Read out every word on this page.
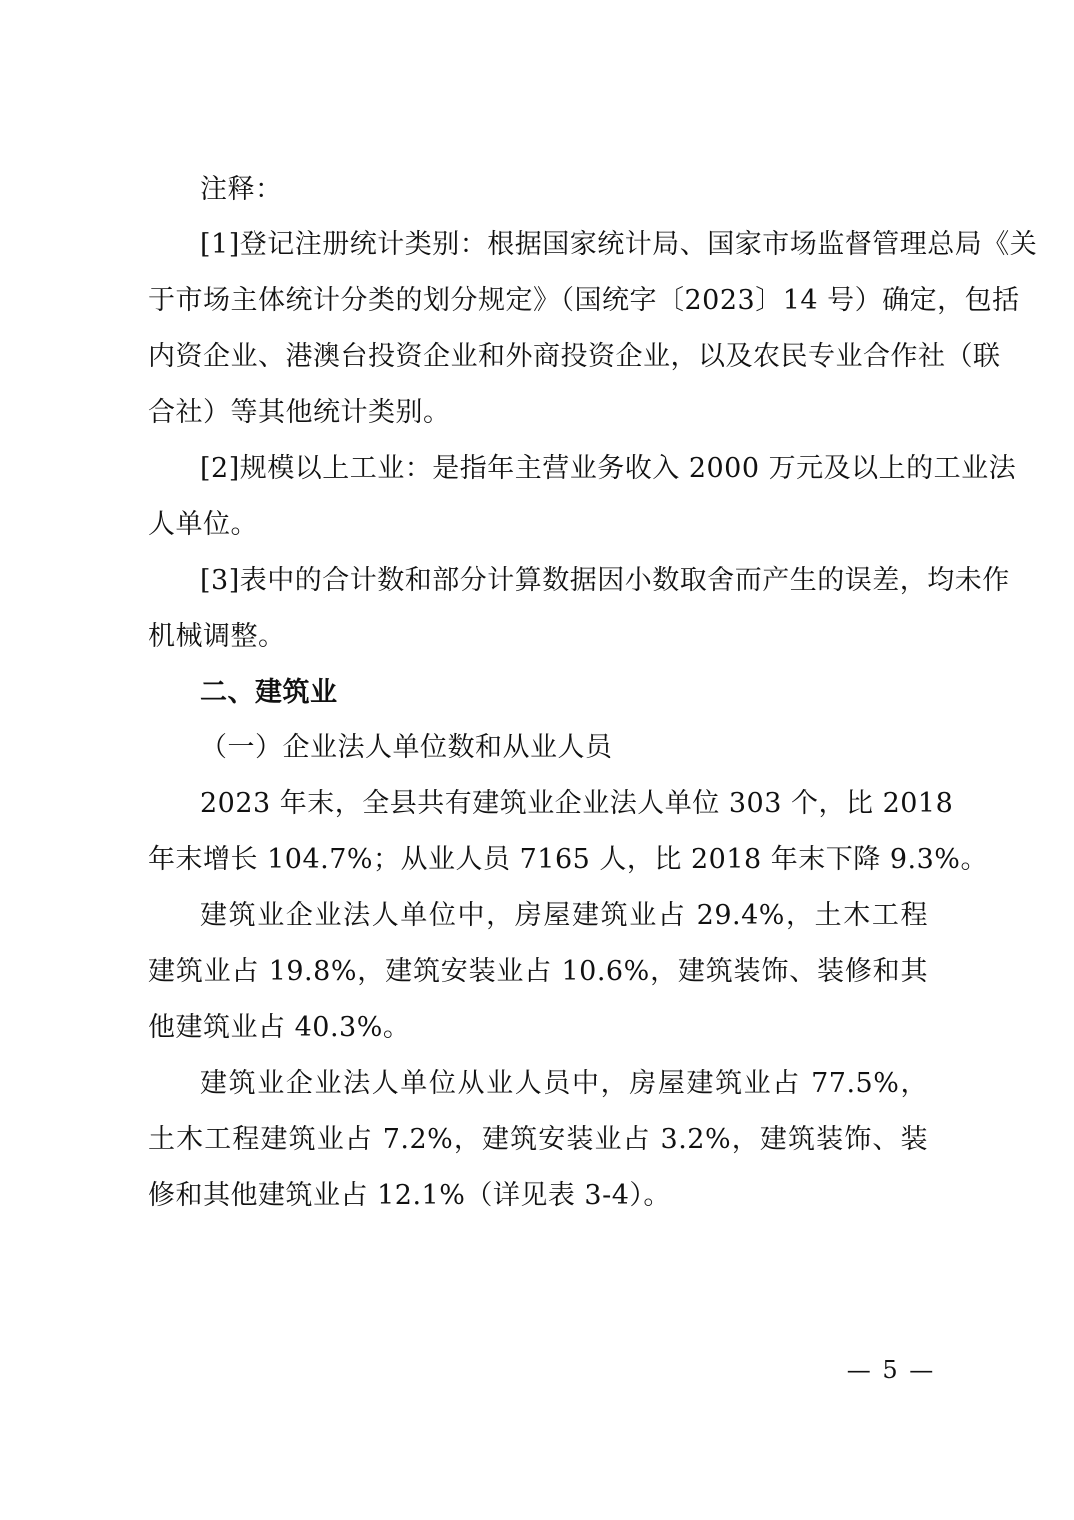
注释：
[1]登记注册统计类别：根据国家统计局、国家市场监督管理总局《关
于市场主体统计分类的划分规定》（国统字〔2023〕14 号）确定，包括
内资企业、港澳台投资企业和外商投资企业，以及农民专业合作社（联
合社）等其他统计类别。
[2]规模以上工业：是指年主营业务收入 2000 万元及以上的工业法
人单位。
[3]表中的合计数和部分计算数据因小数取舍而产生的误差，均未作
机械调整。
二、建筑业
（一）企业法人单位数和从业人员
2023 年末，全县共有建筑业企业法人单位 303 个，比 2018
年末增长 104.7%；从业人员 7165 人，比 2018 年末下降 9.3%。
建筑业企业法人单位中，房屋建筑业占 29.4%，土木工程
建筑业占 19.8%，建筑安装业占 10.6%，建筑装饰、装修和其
他建筑业占 40.3%。
建筑业企业法人单位从业人员中，房屋建筑业占 77.5%，
土木工程建筑业占 7.2%，建筑安装业占 3.2%，建筑装饰、装
修和其他建筑业占 12.1%（详见表 3-4）。
— 5 —
